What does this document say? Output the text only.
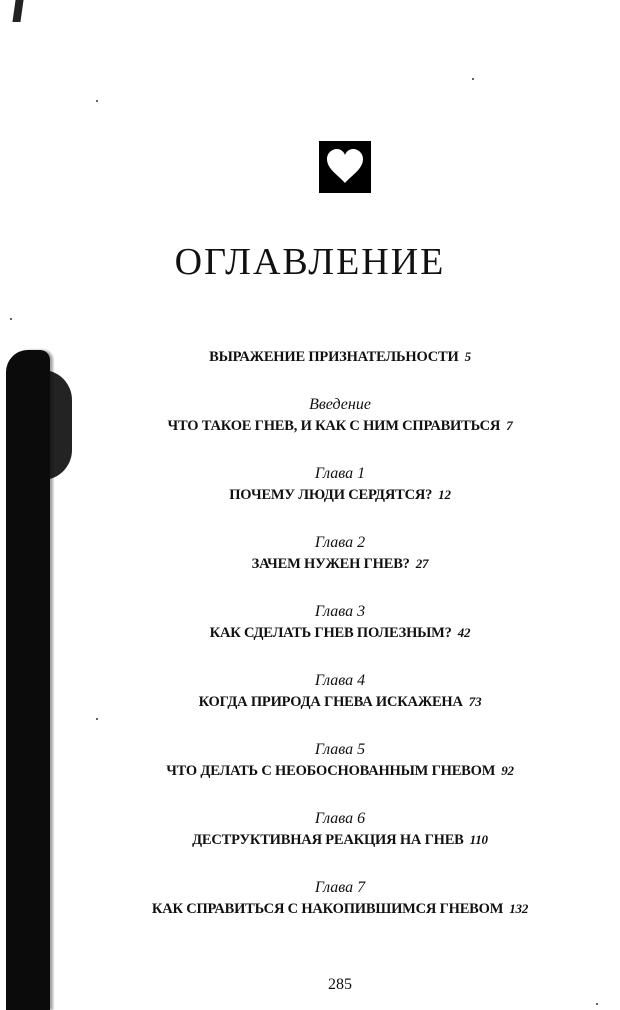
ОГЛАВЛЕНИЕ
ВЫРАЖЕНИЕ ПРИЗНАТЕЛЬНОСТИ 5
Введение
ЧТО ТАКОЕ ГНЕВ, И КАК С НИМ СПРАВИТЬСЯ 7
Глава 1
ПОЧЕМУ ЛЮДИ СЕРДЯТСЯ? 12
Глава 2
ЗАЧЕМ НУЖЕН ГНЕВ? 27
Глава 3
КАК СДЕЛАТЬ ГНЕВ ПОЛЕЗНЫМ? 42
Глава 4
КОГДА ПРИРОДА ГНЕВА ИСКАЖЕНА 73
Глава 5
ЧТО ДЕЛАТЬ С НЕОБОСНОВАННЫМ ГНЕВОМ 92
Глава 6
ДЕСТРУКТИВНАЯ РЕАКЦИЯ НА ГНЕВ 110
Глава 7
КАК СПРАВИТЬСЯ С НАКОПИВШИМСЯ ГНЕВОМ 132
285
